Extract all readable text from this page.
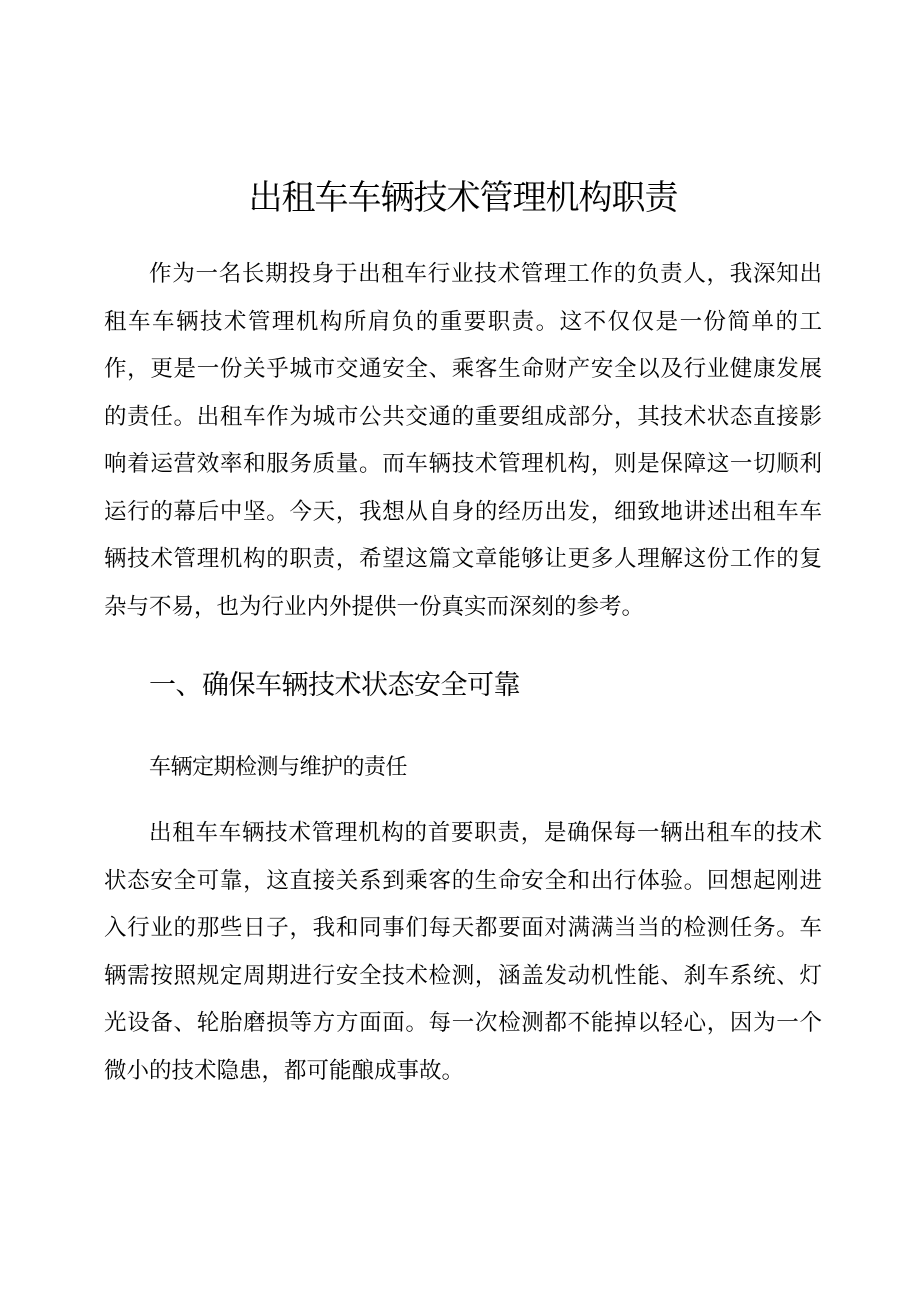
出租车车辆技术管理机构职责

作为一名长期投身于出租车行业技术管理工作的负责人，我深知出租车车辆技术管理机构所肩负的重要职责。这不仅仅是一份简单的工作，更是一份关乎城市交通安全、乘客生命财产安全以及行业健康发展的责任。出租车作为城市公共交通的重要组成部分，其技术状态直接影响着运营效率和服务质量。而车辆技术管理机构，则是保障这一切顺利运行的幕后中坚。今天，我想从自身的经历出发，细致地讲述出租车车辆技术管理机构的职责，希望这篇文章能够让更多人理解这份工作的复杂与不易，也为行业内外提供一份真实而深刻的参考。

一、确保车辆技术状态安全可靠
车辆定期检测与维护的责任

出租车车辆技术管理机构的首要职责，是确保每一辆出租车的技术状态安全可靠，这直接关系到乘客的生命安全和出行体验。回想起刚进入行业的那些日子，我和同事们每天都要面对满满当当的检测任务。车辆需按照规定周期进行安全技术检测，涵盖发动机性能、刹车系统、灯光设备、轮胎磨损等方方面面。每一次检测都不能掉以轻心，因为一个微小的技术隐患，都可能酿成事故。
